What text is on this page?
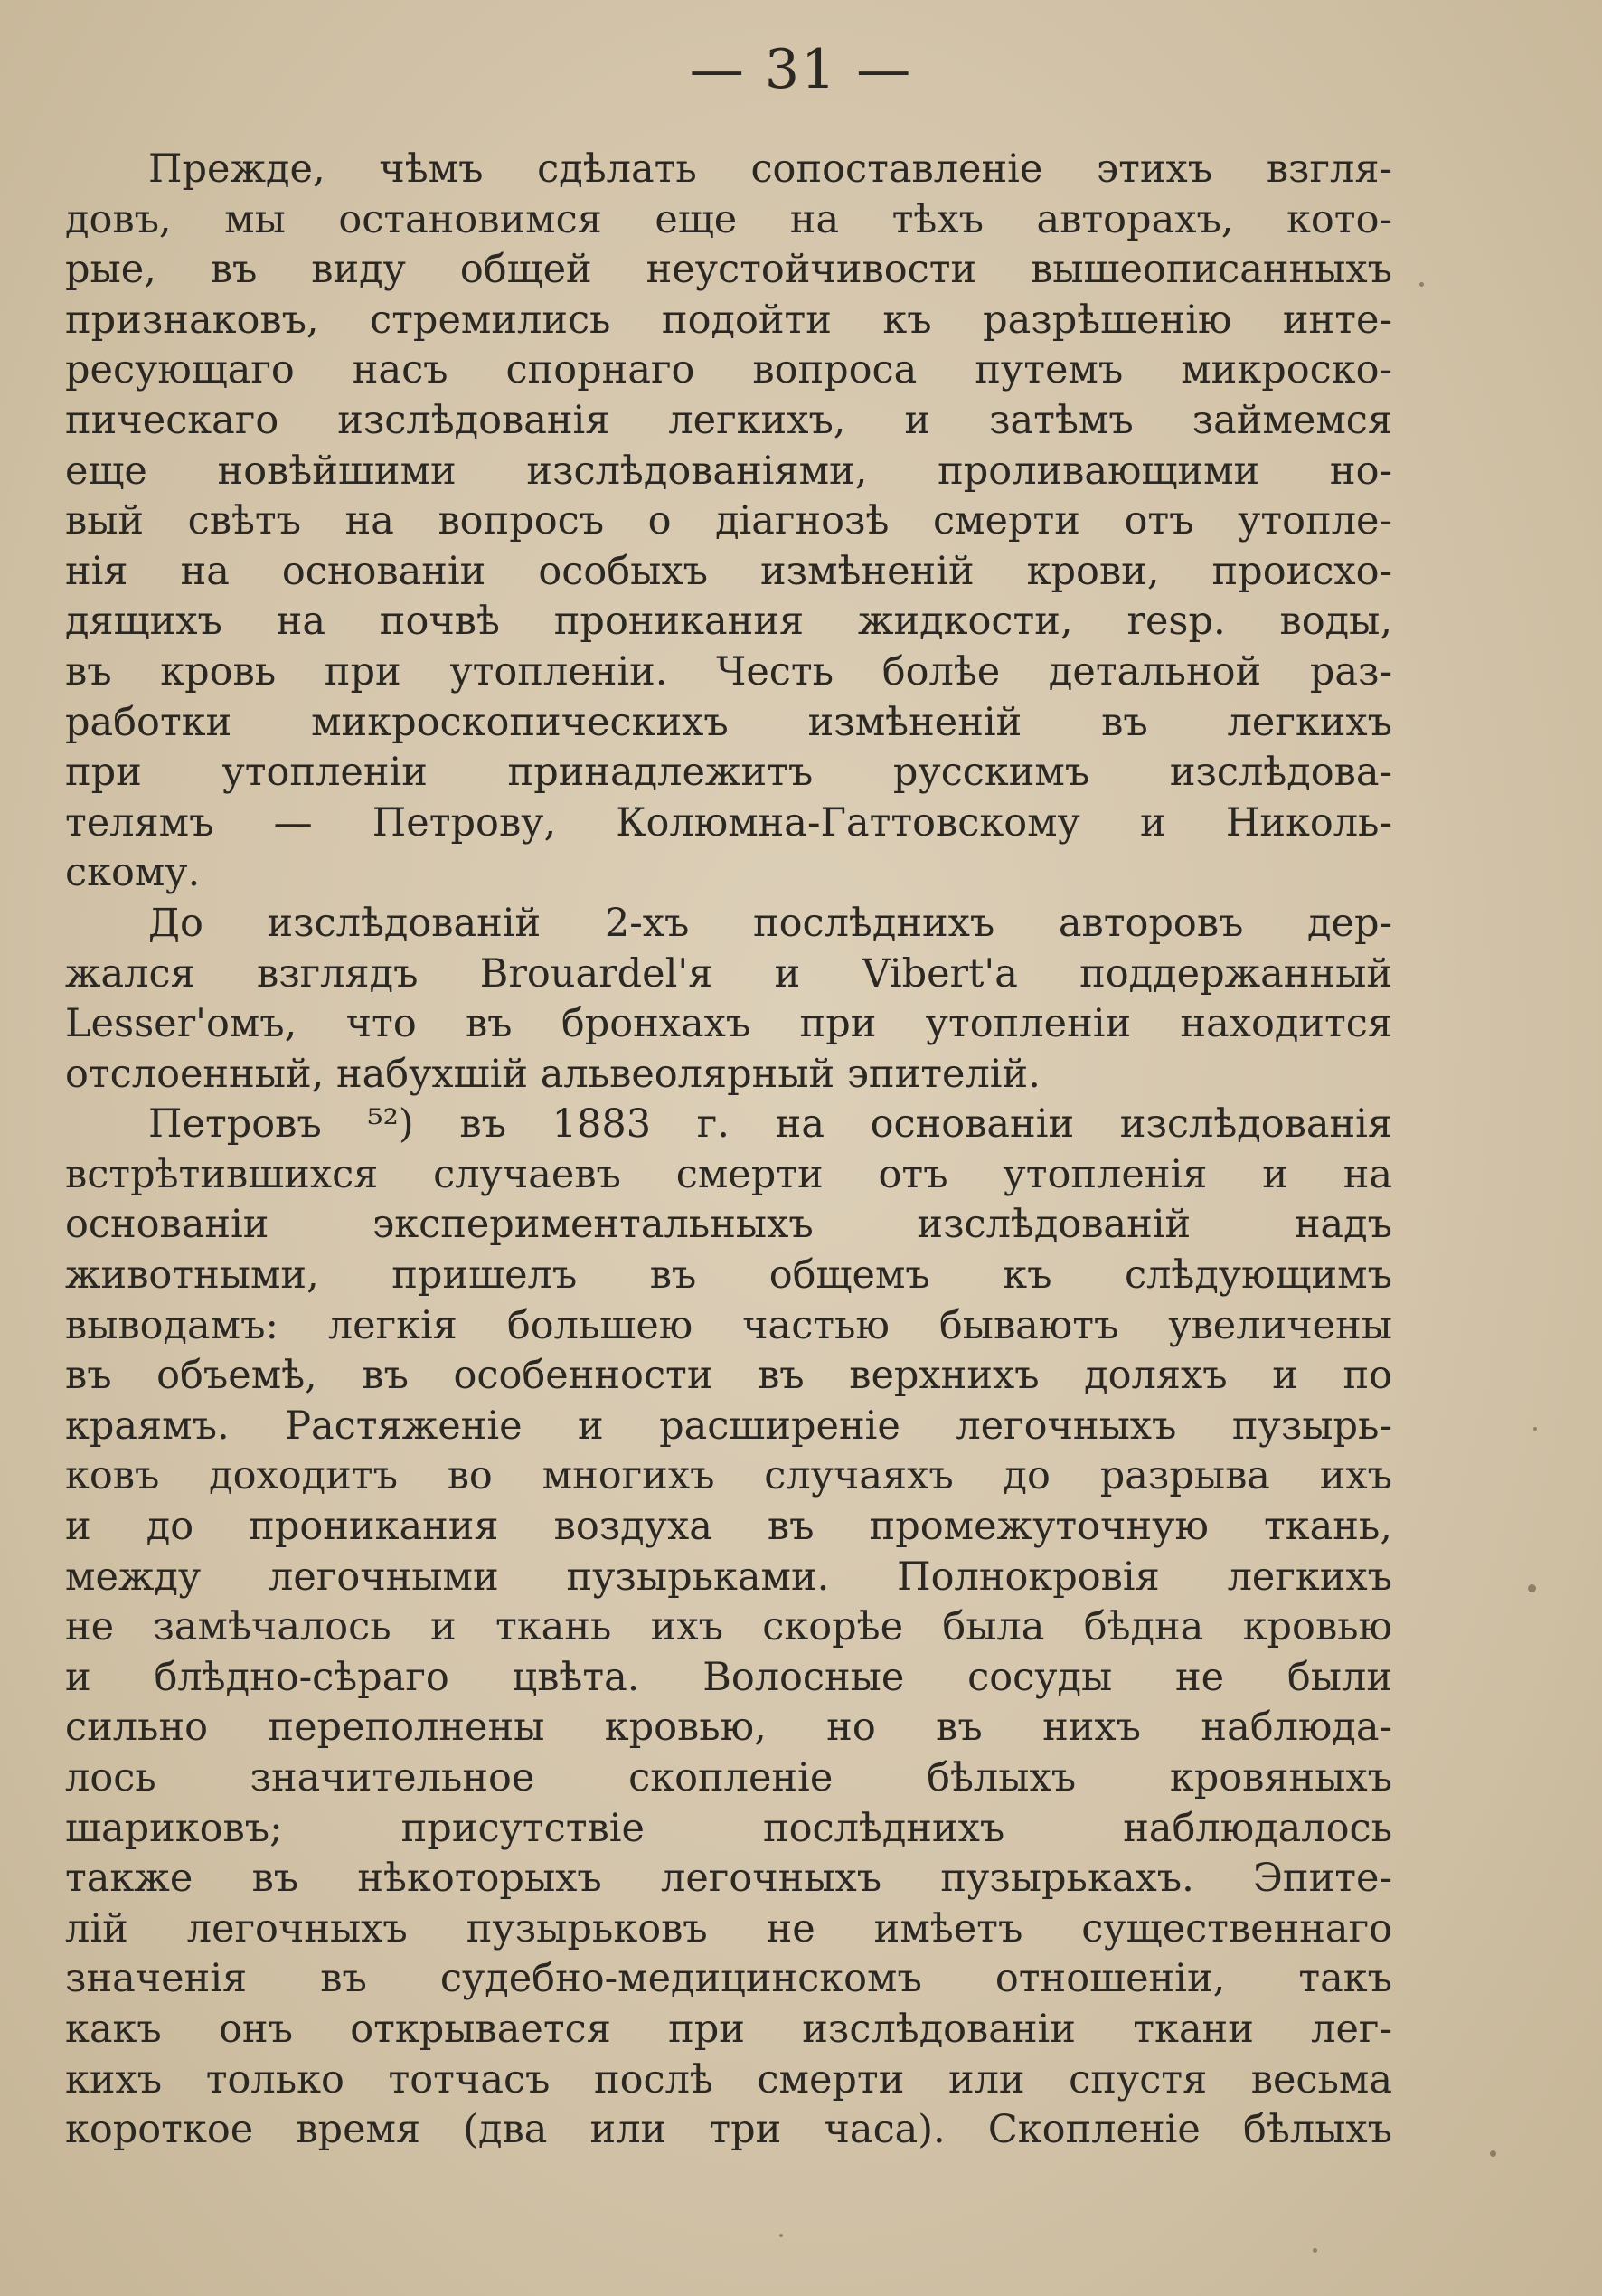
— 31 —
Прежде, чѣмъ сдѣлать сопоставленіе этихъ взгля-
довъ, мы остановимся еще на тѣхъ авторахъ, кото-
рые, въ виду общей неустойчивости вышеописанныхъ
признаковъ, стремились подойти къ разрѣшенію инте-
ресующаго насъ спорнаго вопроса путемъ микроско-
пическаго изслѣдованія легкихъ, и затѣмъ займемся
еще новѣйшими изслѣдованіями, проливающими но-
вый свѣтъ на вопросъ о діагнозѣ смерти отъ утопле-
нія на основаніи особыхъ измѣненій крови, происхо-
дящихъ на почвѣ проникания жидкости, resp. воды,
въ кровь при утопленіи. Честь болѣе детальной раз-
работки микроскопическихъ измѣненій въ легкихъ
при утопленіи принадлежитъ русскимъ изслѣдова-
телямъ — Петрову, Колюмна-Гаттовскому и Николь-
скому.
До изслѣдованій 2-хъ послѣднихъ авторовъ дер-
жался взглядъ Brouardel'я и Vibert'а поддержанный
Lesser'омъ, что въ бронхахъ при утопленіи находится
отслоенный, набухшій альвеолярный эпителій.
Петровъ ⁵²) въ 1883 г. на основаніи изслѣдованія
встрѣтившихся случаевъ смерти отъ утопленія и на
основаніи экспериментальныхъ изслѣдованій надъ
животными, пришелъ въ общемъ къ слѣдующимъ
выводамъ: легкія большею частью бываютъ увеличены
въ объемѣ, въ особенности въ верхнихъ доляхъ и по
краямъ. Растяженіе и расширеніе легочныхъ пузырь-
ковъ доходитъ во многихъ случаяхъ до разрыва ихъ
и до проникания воздуха въ промежуточную ткань,
между легочными пузырьками. Полнокровія легкихъ
не замѣчалось и ткань ихъ скорѣе была бѣдна кровью
и блѣдно-сѣраго цвѣта. Волосные сосуды не были
сильно переполнены кровью, но въ нихъ наблюда-
лось значительное скопленіе бѣлыхъ кровяныхъ
шариковъ; присутствіе послѣднихъ наблюдалось
также въ нѣкоторыхъ легочныхъ пузырькахъ. Эпите-
лій легочныхъ пузырьковъ не имѣетъ существеннаго
значенія въ судебно-медицинскомъ отношеніи, такъ
какъ онъ открывается при изслѣдованіи ткани лег-
кихъ только тотчасъ послѣ смерти или спустя весьма
короткое время (два или три часа). Скопленіе бѣлыхъ
